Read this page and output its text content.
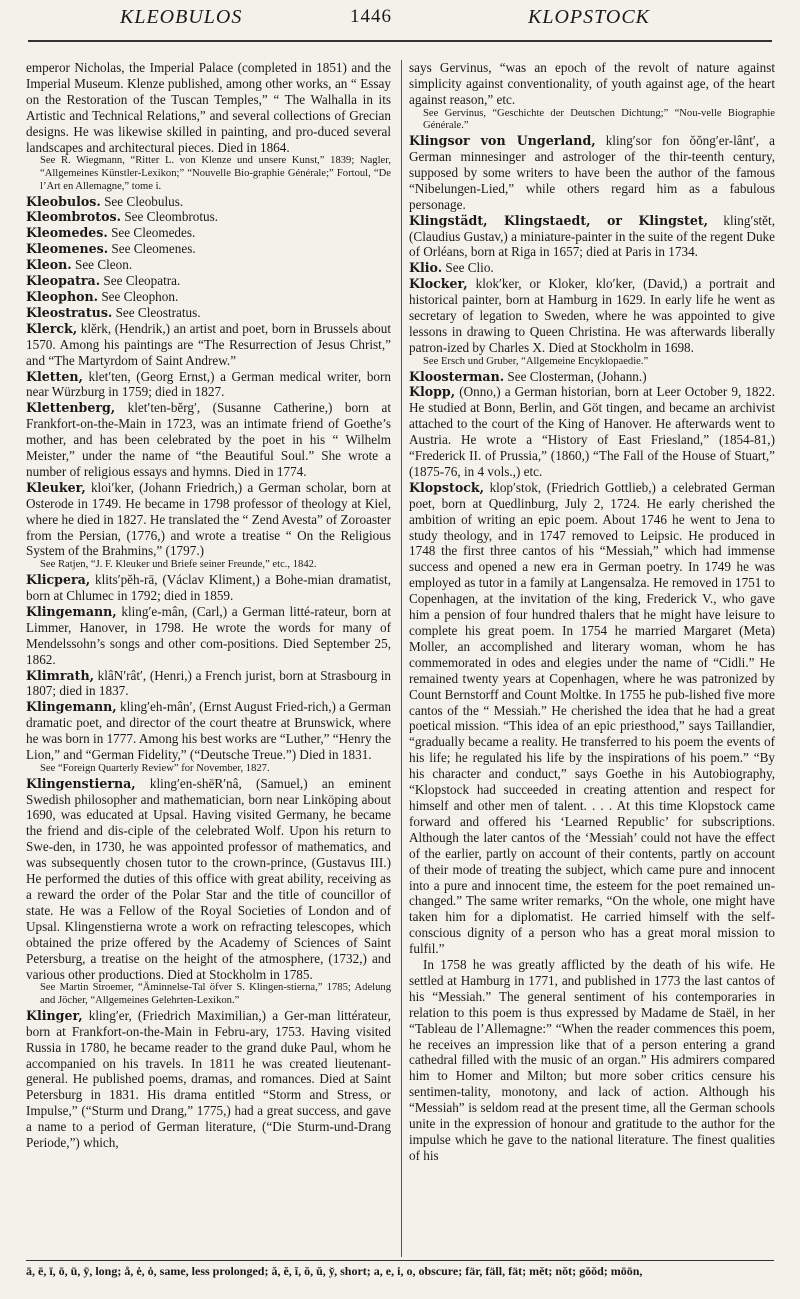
KLEOBULOS	1446	KLOPSTOCK

emperor Nicholas, the Imperial Palace (completed in 1851) and the Imperial Museum. Klenze published, among other works, an “ Essay on the Restoration of the Tuscan Temples,” “ The Walhalla in its Artistic and Technical Relations,” and several collections of Grecian designs. He was likewise skilled in painting, and pro-duced several landscapes and architectural pieces. Died in 1864.

See R. Wiegmann, “Ritter L. von Klenze und unsere Kunst,” 1839; Nagler, “Allgemeines Künstler-Lexikon;” “Nouvelle Bio-graphie Générale;” Fortoul, “De l’Art en Allemagne,” tome i.

Kleobulos. See Cleobulus.

Kleombrotos. See Cleombrotus.

Kleomedes. See Cleomedes.

Kleomenes. See Cleomenes.

Kleon. See Cleon.

Kleopatra. See Cleopatra.

Kleophon. See Cleophon.

Kleostratus. See Cleostratus.

Klerck, klĕrk, (Hendrik,) an artist and poet, born in Brussels about 1570. Among his paintings are “The Resurrection of Jesus Christ,” and “The Martyrdom of Saint Andrew.”

Kletten, klet′ten, (Georg Ernst,) a German medical writer, born near Würzburg in 1759; died in 1827.

Klettenberg, klet′ten-bĕrg′, (Susanne Catherine,) born at Frankfort-on-the-Main in 1723, was an intimate friend of Goethe’s mother, and has been celebrated by the poet in his “ Wilhelm Meister,” under the name of “the Beautiful Soul.” She wrote a number of religious essays and hymns. Died in 1774.

Kleuker, kloi′ker, (Johann Friedrich,) a German scholar, born at Osterode in 1749. He became in 1798 professor of theology at Kiel, where he died in 1827. He translated the “ Zend Avesta” of Zoroaster from the Persian, (1776,) and wrote a treatise “ On the Religious System of the Brahmins,” (1797.)

See Ratjen, “J. F. Kleuker und Briefe seiner Freunde,” etc., 1842.

Klicpera, klits′pĕh-rā, (Václav Kliment,) a Bohe-mian dramatist, born at Chlumec in 1792; died in 1859.

Klingemann, kling′e-mân, (Carl,) a German litté-rateur, born at Limmer, Hanover, in 1798. He wrote the words for many of Mendelssohn’s songs and other com-positions. Died September 25, 1862.

Klimrath, klâN′rât′, (Henri,) a French jurist, born at Strasbourg in 1807; died in 1837.

Klingemann, kling′eh-mân′, (Ernst August Fried-rich,) a German dramatic poet, and director of the court theatre at Brunswick, where he was born in 1777. Among his best works are “Luther,” “Henry the Lion,” and “German Fidelity,” (“Deutsche Treue.”) Died in 1831.

See “Foreign Quarterly Review” for November, 1827.

Klingenstierna, kling′en-shēR′nâ, (Samuel,) an eminent Swedish philosopher and mathematician, born near Linköping about 1690, was educated at Upsal. Having visited Germany, he became the friend and dis-ciple of the celebrated Wolf. Upon his return to Swe-den, in 1730, he was appointed professor of mathematics, and was subsequently chosen tutor to the crown-prince, (Gustavus III.) He performed the duties of this office with great ability, receiving as a reward the order of the Polar Star and the title of councillor of state. He was a Fellow of the Royal Societies of London and of Upsal. Klingenstierna wrote a work on refracting telescopes, which obtained the prize offered by the Academy of Sciences of Saint Petersburg, a treatise on the height of the atmosphere, (1732,) and various other productions. Died at Stockholm in 1785.

See Martin Stroemer, “Äminnelse-Tal öfver S. Klingen-stierna,” 1785; Adelung and Jöcher, “Allgemeines Gelehrten-Lexikon.”

Klinger, kling′er, (Friedrich Maximilian,) a Ger-man littérateur, born at Frankfort-on-the-Main in Febru-ary, 1753. Having visited Russia in 1780, he became reader to the grand duke Paul, whom he accompanied on his travels. In 1811 he was created lieutenant-general. He published poems, dramas, and romances. Died at Saint Petersburg in 1831. His drama entitled “Storm and Stress, or Impulse,” (“Sturm und Drang,” 1775,) had a great success, and gave a name to a period of German literature, (“Die Sturm-und-Drang Periode,”) which,

says Gervinus, “was an epoch of the revolt of nature against simplicity against conventionality, of youth against age, of the heart against reason,” etc.

See Gervinus, “Geschichte der Deutschen Dichtung;” “Nou-velle Biographie Générale.”

Klingsor von Ungerland, kling′sor fon ŏŏng′er-lânt′, a German minnesinger and astrologer of the thir-teenth century, supposed by some writers to have been the author of the famous “Nibelungen-Lied,” while others regard him as a fabulous personage.

Klingstädt, Klingstaedt, or Klingstet, kling′stĕt, (Claudius Gustav,) a miniature-painter in the suite of the regent Duke of Orléans, born at Riga in 1657; died at Paris in 1734.

Klio. See Clio.

Klocker, klok′ker, or Kloker, klo′ker, (David,) a portrait and historical painter, born at Hamburg in 1629. In early life he went as secretary of legation to Sweden, where he was appointed to give lessons in drawing to Queen Christina. He was afterwards liberally patron-ized by Charles X. Died at Stockholm in 1698.

See Ersch und Gruber, “Allgemeine Encyklopaedie.”

Kloosterman. See Closterman, (Johann.)

Klopp, (Onno,) a German historian, born at Leer October 9, 1822. He studied at Bonn, Berlin, and Göt tingen, and became an archivist attached to the court of the King of Hanover. He afterwards went to Austria. He wrote a “History of East Friesland,” (1854-81,) “Frederick II. of Prussia,” (1860,) “The Fall of the House of Stuart,” (1875-76, in 4 vols.,) etc.

Klopstock, klop′stok, (Friedrich Gottlieb,) a celebrated German poet, born at Quedlinburg, July 2, 1724. He early cherished the ambition of writing an epic poem. About 1746 he went to Jena to study theology, and in 1747 removed to Leipsic. He produced in 1748 the first three cantos of his “Messiah,” which had immense success and opened a new era in German poetry. In 1749 he was employed as tutor in a family at Langensalza. He removed in 1751 to Copenhagen, at the invitation of the king, Frederick V., who gave him a pension of four hundred thalers that he might have leisure to complete his great poem. In 1754 he married Margaret (Meta) Moller, an accomplished and literary woman, whom he has commemorated in odes and elegies under the name of “Cidli.” He remained twenty years at Copenhagen, where he was patronized by Count Bernstorff and Count Moltke. In 1755 he pub-lished five more cantos of the “ Messiah.” He cherished the idea that he had a great poetical mission. “This idea of an epic priesthood,” says Taillandier, “gradually became a reality. He transferred to his poem the events of his life; he regulated his life by the inspirations of his poem.” “By his character and conduct,” says Goethe in his Autobiography, “Klopstock had succeeded in creating attention and respect for himself and other men of talent. . . . At this time Klopstock came forward and offered his ‘Learned Republic’ for subscriptions. Although the later cantos of the ‘Messiah’ could not have the effect of the earlier, partly on account of their contents, partly on account of their mode of treating the subject, which came pure and innocent into a pure and innocent time, the esteem for the poet remained un-changed.” The same writer remarks, “On the whole, one might have taken him for a diplomatist. He carried himself with the self-conscious dignity of a person who has a great moral mission to fulfil.”

In 1758 he was greatly afflicted by the death of his wife. He settled at Hamburg in 1771, and published in 1773 the last cantos of his “Messiah.” The general sentiment of his contemporaries in relation to this poem is thus expressed by Madame de Staël, in her “Tableau de l’Allemagne:” “When the reader commences this poem, he receives an impression like that of a person entering a grand cathedral filled with the music of an organ.” His admirers compared him to Homer and Milton; but more sober critics censure his sentimen-tality, monotony, and lack of action. Although his “Messiah” is seldom read at the present time, all the German schools unite in the expression of honour and gratitude to the author for the impulse which he gave to the national literature. The finest qualities of his

ā, ē, ī, ō, ū, ȳ, long; å, ė, ȯ, same, less prolonged; ă, ĕ, ĭ, ŏ, ŭ, y̆, short; a, e, i, o, obscure; fär, fäll, fät; mĕt; nŏt; gŏŏd; mōōn,
